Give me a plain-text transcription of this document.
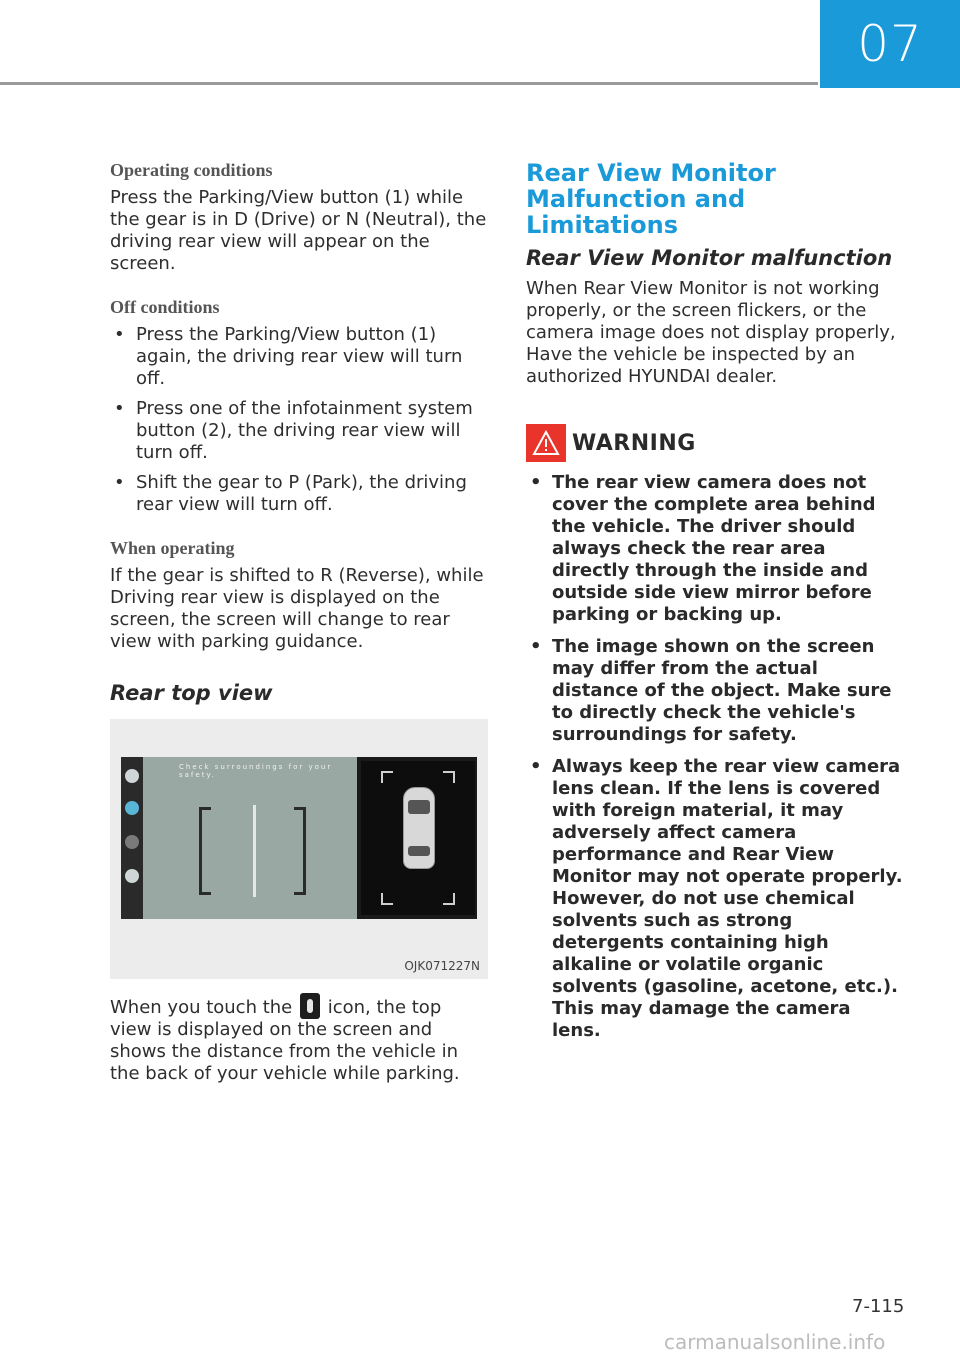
07
Operating conditions

Press the Parking/View button (1) while the gear is in D (Drive) or N (Neutral), the driving rear view will appear on the screen.

Off conditions
• Press the Parking/View button (1) again, the driving rear view will turn off.
• Press one of the infotainment system button (2), the driving rear view will turn off.
• Shift the gear to P (Park), the driving rear view will turn off.
When operating

If the gear is shifted to R (Reverse), while Driving rear view is displayed on the screen, the screen will change to rear view with parking guidance.

Rear top view
Check surroundings for your safety.
OJK071227N

When you touch the icon, the top view is displayed on the screen and shows the distance from the vehicle in the back of your vehicle while parking.

Rear View Monitor Malfunction and Limitations
Rear View Monitor malfunction

When Rear View Monitor is not working properly, or the screen flickers, or the camera image does not display properly, Have the vehicle be inspected by an authorized HYUNDAI dealer.

WARNING
• The rear view camera does not cover the complete area behind the vehicle. The driver should always check the rear area directly through the inside and outside side view mirror before parking or backing up.
• The image shown on the screen may differ from the actual distance of the object. Make sure to directly check the vehicle's surroundings for safety.
• Always keep the rear view camera lens clean. If the lens is covered with foreign material, it may adversely affect camera performance and Rear View Monitor may not operate properly. However, do not use chemical solvents such as strong detergents containing high alkaline or volatile organic solvents (gasoline, acetone, etc.). This may damage the camera lens.
7-115
carmanualsonline.info
